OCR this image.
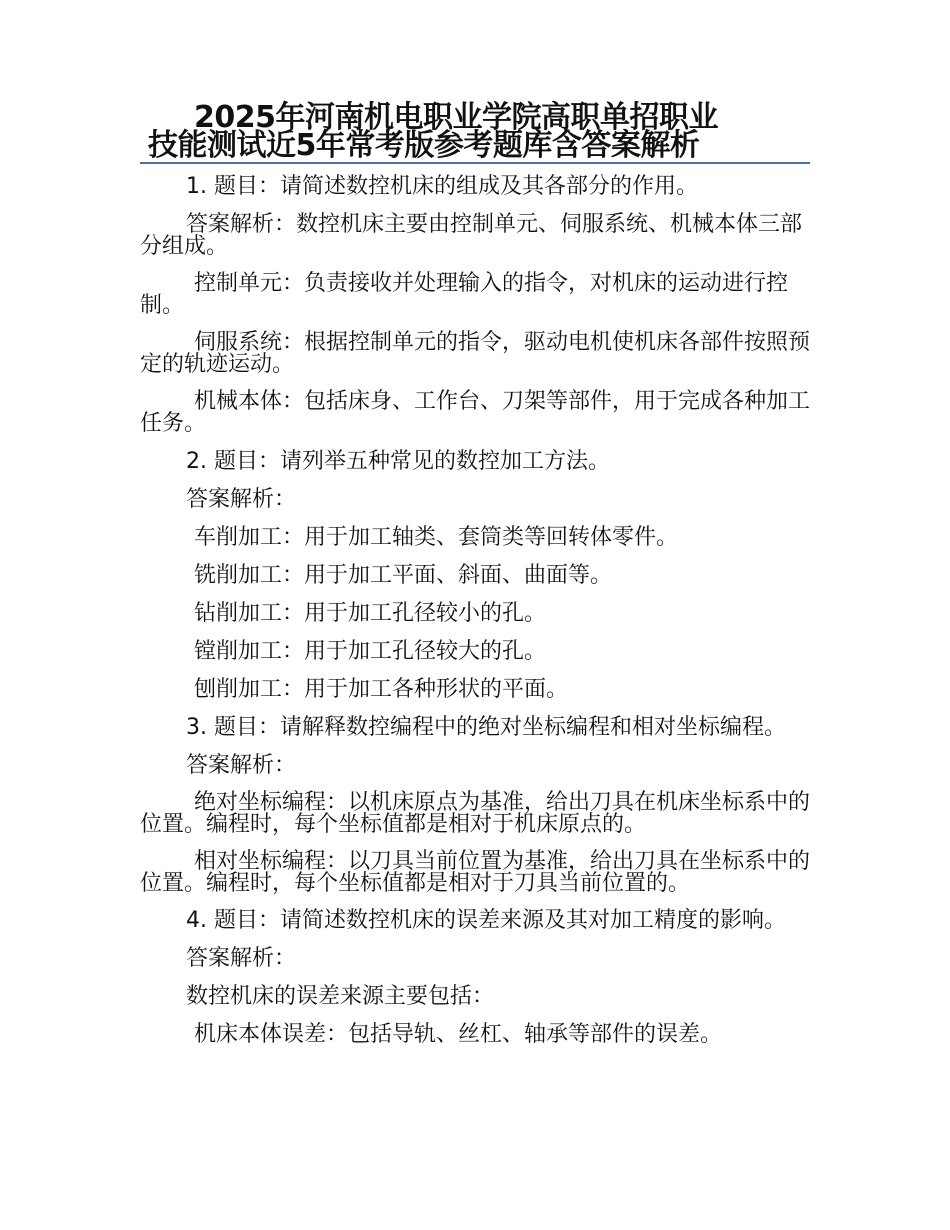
2025年河南机电职业学院高职单招职业
技能测试近5年常考版参考题库含答案解析

1. 题目：请简述数控机床的组成及其各部分的作用。

答案解析：数控机床主要由控制单元、伺服系统、机械本体三部分组成。

控制单元：负责接收并处理输入的指令，对机床的运动进行控制。

伺服系统：根据控制单元的指令，驱动电机使机床各部件按照预定的轨迹运动。

机械本体：包括床身、工作台、刀架等部件，用于完成各种加工任务。

2. 题目：请列举五种常见的数控加工方法。

答案解析：

车削加工：用于加工轴类、套筒类等回转体零件。

铣削加工：用于加工平面、斜面、曲面等。

钻削加工：用于加工孔径较小的孔。

镗削加工：用于加工孔径较大的孔。

刨削加工：用于加工各种形状的平面。

3. 题目：请解释数控编程中的绝对坐标编程和相对坐标编程。

答案解析：

绝对坐标编程：以机床原点为基准，给出刀具在机床坐标系中的位置。编程时，每个坐标值都是相对于机床原点的。

相对坐标编程：以刀具当前位置为基准，给出刀具在坐标系中的位置。编程时，每个坐标值都是相对于刀具当前位置的。

4. 题目：请简述数控机床的误差来源及其对加工精度的影响。

答案解析：

数控机床的误差来源主要包括：

机床本体误差：包括导轨、丝杠、轴承等部件的误差。
